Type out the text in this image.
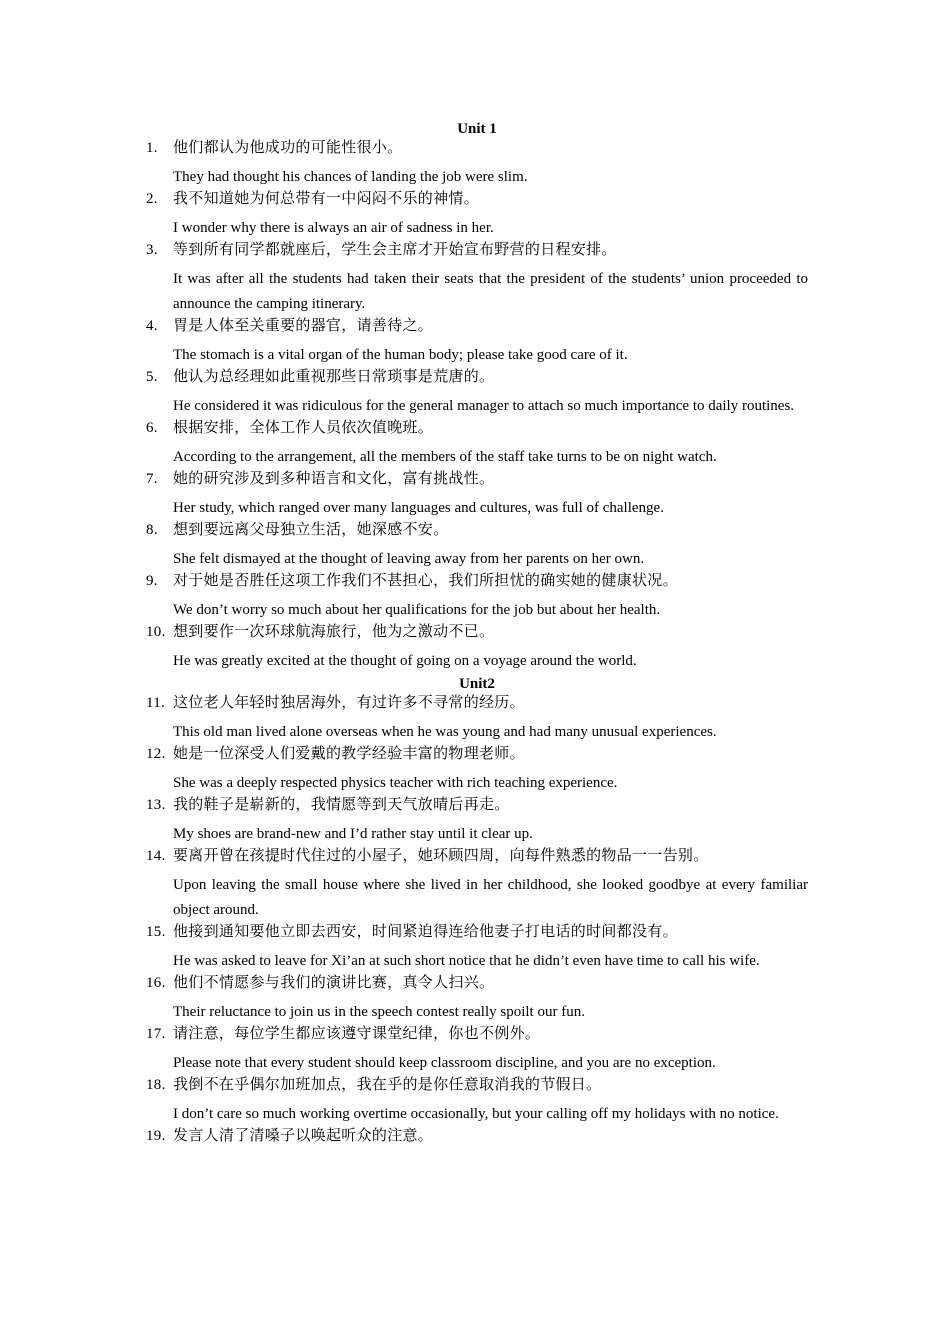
Unit 1
1. 他们都认为他成功的可能性很小。
They had thought his chances of landing the job were slim.
2. 我不知道她为何总带有一中闷闷不乐的神情。
I wonder why there is always an air of sadness in her.
3. 等到所有同学都就座后，学生会主席才开始宣布野营的日程安排。
It was after all the students had taken their seats that the president of the students’ union proceeded to announce the camping itinerary.
4. 胃是人体至关重要的器官，请善待之。
The stomach is a vital organ of the human body; please take good care of it.
5. 他认为总经理如此重视那些日常琐事是荒唐的。
He considered it was ridiculous for the general manager to attach so much importance to daily routines.
6. 根据安排，全体工作人员依次值晚班。
According to the arrangement, all the members of the staff take turns to be on night watch.
7. 她的研究涉及到多种语言和文化，富有挑战性。
Her study, which ranged over many languages and cultures, was full of challenge.
8. 想到要远离父母独立生活，她深感不安。
She felt dismayed at the thought of leaving away from her parents on her own.
9. 对于她是否胜任这项工作我们不甚担心，我们所担忧的确实她的健康状况。
We don’t worry so much about her qualifications for the job but about her health.
10. 想到要作一次环球航海旅行，他为之激动不已。
He was greatly excited at the thought of going on a voyage around the world.
Unit2
11. 这位老人年轻时独居海外，有过许多不寻常的经历。
This old man lived alone overseas when he was young and had many unusual experiences.
12. 她是一位深受人们爱戴的教学经验丰富的物理老师。
She was a deeply respected physics teacher with rich teaching experience.
13. 我的鞋子是崭新的，我情愿等到天气放晴后再走。
My shoes are brand-new and I’d rather stay until it clear up.
14. 要离开曾在孩提时代住过的小屋子，她环顾四周，向每件熟悉的物品一一告别。
Upon leaving the small house where she lived in her childhood, she looked goodbye at every familiar object around.
15. 他接到通知要他立即去西安，时间紧迫得连给他妻子打电话的时间都没有。
He was asked to leave for Xi’an at such short notice that he didn’t even have time to call his wife.
16. 他们不情愿参与我们的演讲比赛，真令人扫兴。
Their reluctance to join us in the speech contest really spoilt our fun.
17. 请注意，每位学生都应该遵守课堂纪律，你也不例外。
Please note that every student should keep classroom discipline, and you are no exception.
18. 我倒不在乎偶尔加班加点，我在乎的是你任意取消我的节假日。
I don’t care so much working overtime occasionally, but your calling off my holidays with no notice.
19. 发言人清了清嗓子以唤起听众的注意。
